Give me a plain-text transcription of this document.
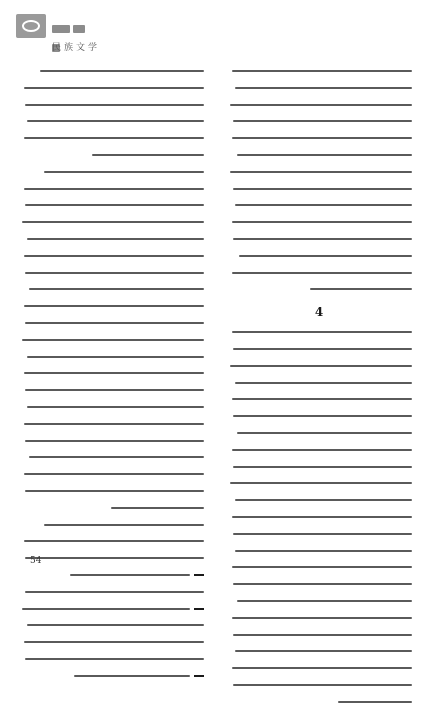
民族文学
4
54
